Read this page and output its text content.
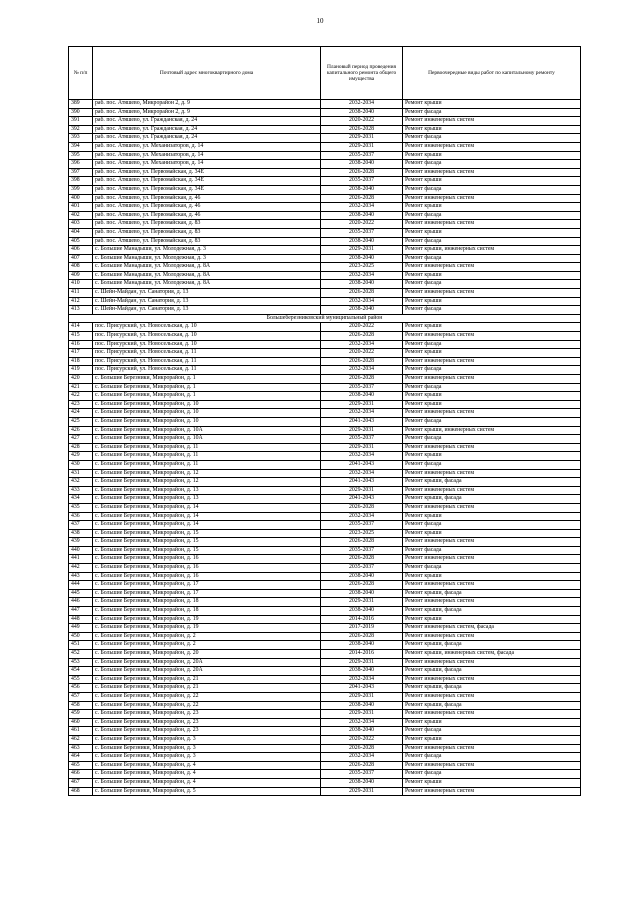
10
№ п/п	Почтовый адрес многоквартирного дома	Плановый период проведения капитального ремонта общего имущества	Первоочередные виды работ по капитальному ремонту
389	раб. пос. Атяшево, Микрорайон 2, д. 9	2032-2034	Ремонт крыши
390	раб. пос. Атяшево, Микрорайон 2, д. 9	2038-2040	Ремонт фасада
391	раб. пос. Атяшево, ул. Гражданская, д. 24	2020-2022	Ремонт инженерных систем
392	раб. пос. Атяшево, ул. Гражданская, д. 24	2026-2028	Ремонт крыши
393	раб. пос. Атяшево, ул. Гражданская, д. 24	2029-2031	Ремонт фасада
394	раб. пос. Атяшево, ул. Механизаторов, д. 14	2029-2031	Ремонт инженерных систем
395	раб. пос. Атяшево, ул. Механизаторов, д. 14	2035-2037	Ремонт крыши
396	раб. пос. Атяшево, ул. Механизаторов, д. 14	2038-2040	Ремонт фасада
397	раб. пос. Атяшево, ул. Первомайская, д. 34Е	2026-2028	Ремонт инженерных систем
398	раб. пос. Атяшево, ул. Первомайская, д. 34Е	2035-2037	Ремонт крыши
399	раб. пос. Атяшево, ул. Первомайская, д. 34Е	2038-2040	Ремонт фасада
400	раб. пос. Атяшево, ул. Первомайская, д. 46	2026-2028	Ремонт инженерных систем
401	раб. пос. Атяшево, ул. Первомайская, д. 46	2032-2034	Ремонт крыши
402	раб. пос. Атяшево, ул. Первомайская, д. 46	2038-2040	Ремонт фасада
403	раб. пос. Атяшево, ул. Первомайская, д. 83	2020-2022	Ремонт инженерных систем
404	раб. пос. Атяшево, ул. Первомайская, д. 83	2035-2037	Ремонт крыши
405	раб. пос. Атяшево, ул. Первомайская, д. 83	2038-2040	Ремонт фасада
406	с. Большие Манадыши, ул. Молодежная, д. 3	2029-2031	Ремонт крыши, инженерных систем
407	с. Большие Манадыши, ул. Молодежная, д. 3	2038-2040	Ремонт фасада
408	с. Большие Манадыши, ул. Молодежная, д. 8А	2023-2025	Ремонт инженерных систем
409	с. Большие Манадыши, ул. Молодежная, д. 8А	2032-2034	Ремонт крыши
410	с. Большие Манадыши, ул. Молодежная, д. 8А	2038-2040	Ремонт фасада
411	с. Шейн-Майдан, ул. Санатория, д. 13	2026-2028	Ремонт инженерных систем
412	с. Шейн-Майдан, ул. Санатория, д. 13	2032-2034	Ремонт крыши
413	с. Шейн-Майдан, ул. Санатория, д. 13	2038-2040	Ремонт фасада
Большеберезниковский муниципальный район			
414	пос. Присурский, ул. Новосельская, д. 10	2020-2022	Ремонт крыши
415	пос. Присурский, ул. Новосельская, д. 10	2026-2028	Ремонт инженерных систем
416	пос. Присурский, ул. Новосельская, д. 10	2032-2034	Ремонт фасада
417	пос. Присурский, ул. Новосельская, д. 11	2020-2022	Ремонт крыши
418	пос. Присурский, ул. Новосельская, д. 11	2026-2028	Ремонт инженерных систем
419	пос. Присурский, ул. Новосельская, д. 11	2032-2034	Ремонт фасада
420	с. Большие Березники, Микрорайон, д. 1	2026-2028	Ремонт инженерных систем
421	с. Большие Березники, Микрорайон, д. 1	2035-2037	Ремонт фасада
422	с. Большие Березники, Микрорайон, д. 1	2038-2040	Ремонт крыши
423	с. Большие Березники, Микрорайон, д. 10	2029-2031	Ремонт крыши
424	с. Большие Березники, Микрорайон, д. 10	2032-2034	Ремонт инженерных систем
425	с. Большие Березники, Микрорайон, д. 10	2041-2043	Ремонт фасада
426	с. Большие Березники, Микрорайон, д. 10А	2029-2031	Ремонт крыши, инженерных систем
427	с. Большие Березники, Микрорайон, д. 10А	2035-2037	Ремонт фасада
428	с. Большие Березники, Микрорайон, д. 11	2029-2031	Ремонт инженерных систем
429	с. Большие Березники, Микрорайон, д. 11	2032-2034	Ремонт крыши
430	с. Большие Березники, Микрорайон, д. 11	2041-2043	Ремонт фасада
431	с. Большие Березники, Микрорайон, д. 12	2032-2034	Ремонт инженерных систем
432	с. Большие Березники, Микрорайон, д. 12	2041-2043	Ремонт крыши, фасада
433	с. Большие Березники, Микрорайон, д. 13	2029-2031	Ремонт инженерных систем
434	с. Большие Березники, Микрорайон, д. 13	2041-2043	Ремонт крыши, фасада
435	с. Большие Березники, Микрорайон, д. 14	2026-2028	Ремонт инженерных систем
436	с. Большие Березники, Микрорайон, д. 14	2032-2034	Ремонт крыши
437	с. Большие Березники, Микрорайон, д. 14	2035-2037	Ремонт фасада
438	с. Большие Березники, Микрорайон, д. 15	2023-2025	Ремонт крыши
439	с. Большие Березники, Микрорайон, д. 15	2026-2028	Ремонт инженерных систем
440	с. Большие Березники, Микрорайон, д. 15	2035-2037	Ремонт фасада
441	с. Большие Березники, Микрорайон, д. 16	2026-2028	Ремонт инженерных систем
442	с. Большие Березники, Микрорайон, д. 16	2035-2037	Ремонт фасада
443	с. Большие Березники, Микрорайон, д. 16	2038-2040	Ремонт крыши
444	с. Большие Березники, Микрорайон, д. 17	2026-2028	Ремонт инженерных систем
445	с. Большие Березники, Микрорайон, д. 17	2038-2040	Ремонт крыши, фасада
446	с. Большие Березники, Микрорайон, д. 18	2029-2031	Ремонт инженерных систем
447	с. Большие Березники, Микрорайон, д. 18	2038-2040	Ремонт крыши, фасада
448	с. Большие Березники, Микрорайон, д. 19	2014-2016	Ремонт крыши
449	с. Большие Березники, Микрорайон, д. 19	2017-2019	Ремонт инженерных систем, фасада
450	с. Большие Березники, Микрорайон, д. 2	2026-2028	Ремонт инженерных систем
451	с. Большие Березники, Микрорайон, д. 2	2038-2040	Ремонт крыши, фасада
452	с. Большие Березники, Микрорайон, д. 20	2014-2016	Ремонт крыши, инженерных систем, фасада
453	с. Большие Березники, Микрорайон, д. 20А	2029-2031	Ремонт инженерных систем
454	с. Большие Березники, Микрорайон, д. 20А	2038-2040	Ремонт крыши, фасада
455	с. Большие Березники, Микрорайон, д. 21	2032-2034	Ремонт инженерных систем
456	с. Большие Березники, Микрорайон, д. 21	2041-2043	Ремонт крыши, фасада
457	с. Большие Березники, Микрорайон, д. 22	2029-2031	Ремонт инженерных систем
458	с. Большие Березники, Микрорайон, д. 22	2038-2040	Ремонт крыши, фасада
459	с. Большие Березники, Микрорайон, д. 23	2029-2031	Ремонт инженерных систем
460	с. Большие Березники, Микрорайон, д. 23	2032-2034	Ремонт крыши
461	с. Большие Березники, Микрорайон, д. 23	2038-2040	Ремонт фасада
462	с. Большие Березники, Микрорайон, д. 3	2020-2022	Ремонт крыши
463	с. Большие Березники, Микрорайон, д. 3	2026-2028	Ремонт инженерных систем
464	с. Большие Березники, Микрорайон, д. 3	2032-2034	Ремонт фасада
465	с. Большие Березники, Микрорайон, д. 4	2026-2028	Ремонт инженерных систем
466	с. Большие Березники, Микрорайон, д. 4	2035-2037	Ремонт фасада
467	с. Большие Березники, Микрорайон, д. 4	2038-2040	Ремонт крыши
468	с. Большие Березники, Микрорайон, д. 5	2029-2031	Ремонт инженерных систем
